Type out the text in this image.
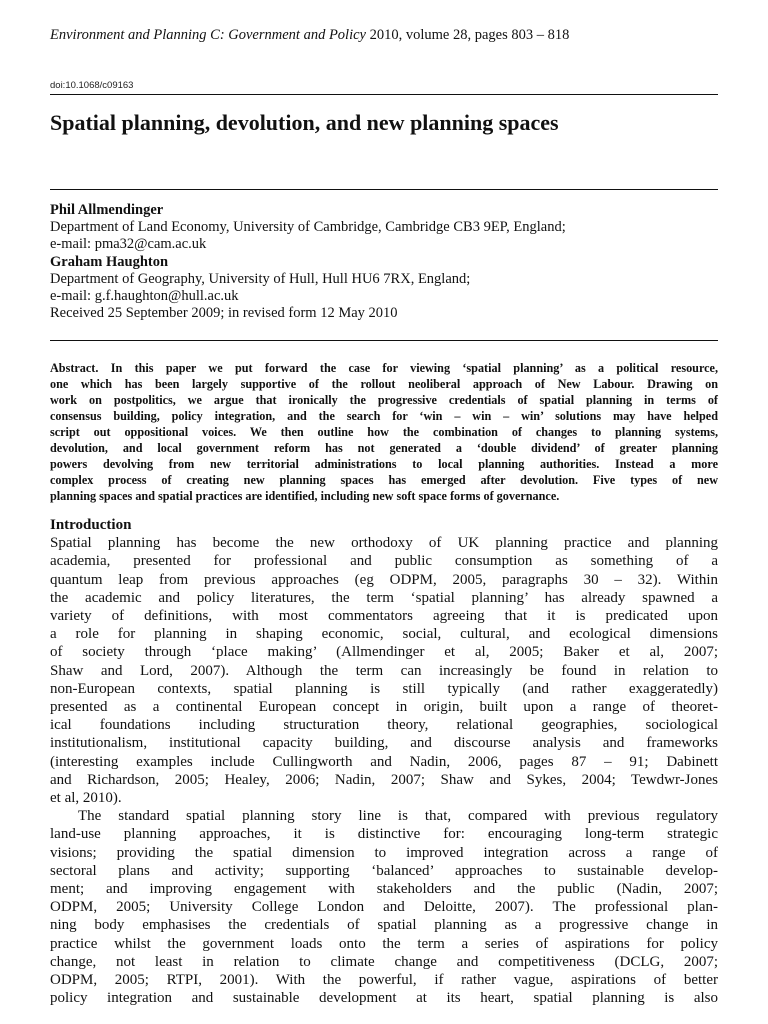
Environment and Planning C: Government and Policy 2010, volume 28, pages 803 – 818
doi:10.1068/c09163
Spatial planning, devolution, and new planning spaces
Phil Allmendinger
Department of Land Economy, University of Cambridge, Cambridge CB3 9EP, England;
e-mail: pma32@cam.ac.uk
Graham Haughton
Department of Geography, University of Hull, Hull HU6 7RX, England;
e-mail: g.f.haughton@hull.ac.uk
Received 25 September 2009; in revised form 12 May 2010
Abstract. In this paper we put forward the case for viewing ‘spatial planning’ as a political resource,
one which has been largely supportive of the rollout neoliberal approach of New Labour. Drawing on
work on postpolitics, we argue that ironically the progressive credentials of spatial planning in terms of
consensus building, policy integration, and the search for ‘win – win – win’ solutions may have helped
script out oppositional voices. We then outline how the combination of changes to planning systems,
devolution, and local government reform has not generated a ‘double dividend’ of greater planning
powers devolving from new territorial administrations to local planning authorities. Instead a more
complex process of creating new planning spaces has emerged after devolution. Five types of new
planning spaces and spatial practices are identified, including new soft space forms of governance.
Introduction
Spatial planning has become the new orthodoxy of UK planning practice and planning
academia, presented for professional and public consumption as something of a
quantum leap from previous approaches (eg ODPM, 2005, paragraphs 30 – 32). Within
the academic and policy literatures, the term ‘spatial planning’ has already spawned a
variety of definitions, with most commentators agreeing that it is predicated upon
a role for planning in shaping economic, social, cultural, and ecological dimensions
of society through ‘place making’ (Allmendinger et al, 2005; Baker et al, 2007;
Shaw and Lord, 2007). Although the term can increasingly be found in relation to
non-European contexts, spatial planning is still typically (and rather exaggeratedly)
presented as a continental European concept in origin, built upon a range of theoret-
ical foundations including structuration theory, relational geographies, sociological
institutionalism, institutional capacity building, and discourse analysis and frameworks
(interesting examples include Cullingworth and Nadin, 2006, pages 87 – 91; Dabinett
and Richardson, 2005; Healey, 2006; Nadin, 2007; Shaw and Sykes, 2004; Tewdwr-Jones
et al, 2010).
The standard spatial planning story line is that, compared with previous regulatory
land-use planning approaches, it is distinctive for: encouraging long-term strategic
visions; providing the spatial dimension to improved integration across a range of
sectoral plans and activity; supporting ‘balanced’ approaches to sustainable develop-
ment; and improving engagement with stakeholders and the public (Nadin, 2007;
ODPM, 2005; University College London and Deloitte, 2007). The professional plan-
ning body emphasises the credentials of spatial planning as a progressive change in
practice whilst the government loads onto the term a series of aspirations for policy
change, not least in relation to climate change and competitiveness (DCLG, 2007;
ODPM, 2005; RTPI, 2001). With the powerful, if rather vague, aspirations of better
policy integration and sustainable development at its heart, spatial planning is also
